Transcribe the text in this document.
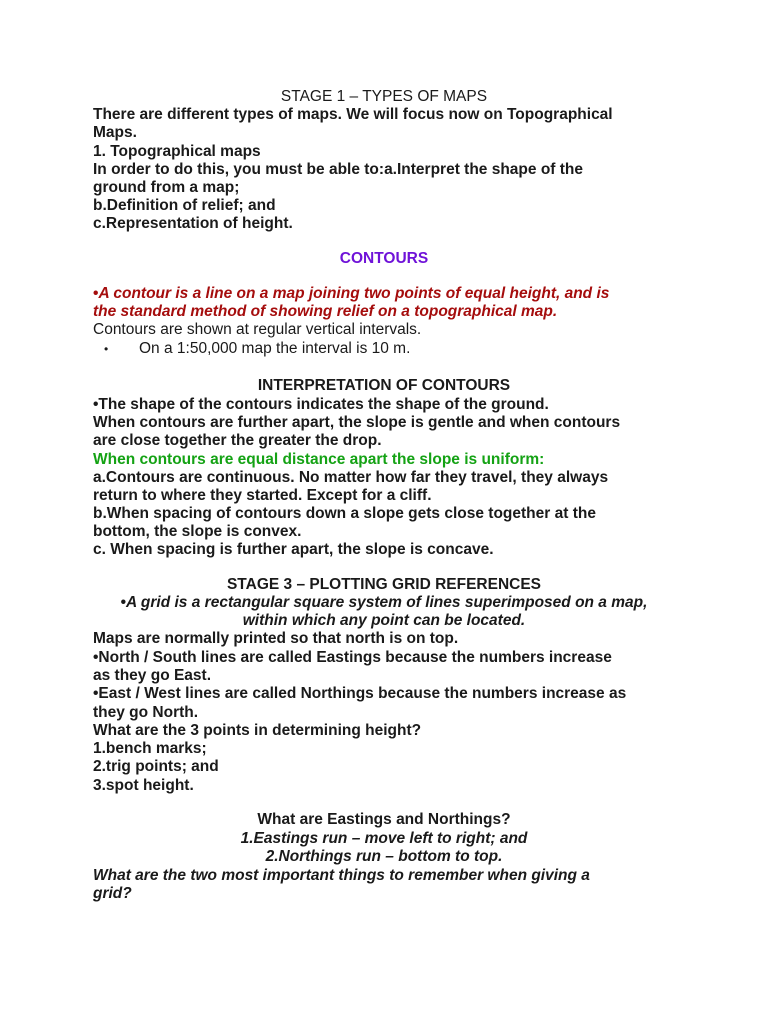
STAGE 1 – TYPES OF MAPS

There are different types of maps. We will focus now on Topographical

Maps.

1. Topographical maps

In order to do this, you must be able to:a.Interpret the shape of the

ground from a map;

b.Definition of relief; and

c.Representation of height.

CONTOURS

•A contour is a line on a map joining two points of equal height, and is

the standard method of showing relief on a topographical map.

Contours are shown at regular vertical intervals.

• On a 1:50,000 map the interval is 10 m.

INTERPRETATION OF CONTOURS

•The shape of the contours indicates the shape of the ground.

When contours are further apart, the slope is gentle and when contours

are close together the greater the drop.

When contours are equal distance apart the slope is uniform:

a.Contours are continuous. No matter how far they travel, they always

return to where they started. Except for a cliff.

b.When spacing of contours down a slope gets close together at the

bottom, the slope is convex.

c. When spacing is further apart, the slope is concave.

STAGE 3 – PLOTTING GRID REFERENCES

•A grid is a rectangular square system of lines superimposed on a map,

within which any point can be located.

Maps are normally printed so that north is on top.

•North / South lines are called Eastings because the numbers increase

as they go East.

•East / West lines are called Northings because the numbers increase as

they go North.

What are the 3 points in determining height?

1.bench marks;

2.trig points; and

3.spot height.

What are Eastings and Northings?

1.Eastings run – move left to right; and

2.Northings run – bottom to top.

What are the two most important things to remember when giving a

grid?
